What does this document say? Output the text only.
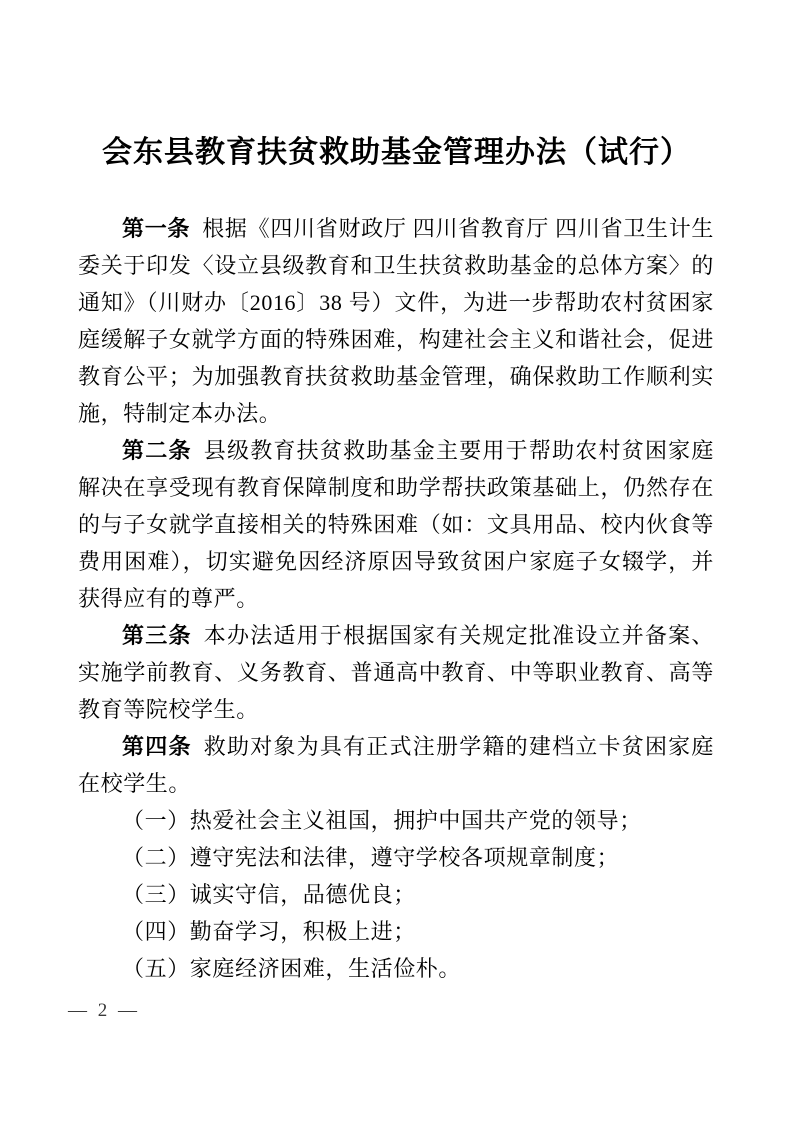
会东县教育扶贫救助基金管理办法（试行）

第一条 根据《四川省财政厅 四川省教育厅 四川省卫生计生委关于印发〈设立县级教育和卫生扶贫救助基金的总体方案〉的通知》（川财办〔2016〕38 号）文件，为进一步帮助农村贫困家庭缓解子女就学方面的特殊困难，构建社会主义和谐社会，促进教育公平；为加强教育扶贫救助基金管理，确保救助工作顺利实施，特制定本办法。

第二条 县级教育扶贫救助基金主要用于帮助农村贫困家庭解决在享受现有教育保障制度和助学帮扶政策基础上，仍然存在的与子女就学直接相关的特殊困难（如：文具用品、校内伙食等费用困难），切实避免因经济原因导致贫困户家庭子女辍学，并获得应有的尊严。

第三条 本办法适用于根据国家有关规定批准设立并备案、实施学前教育、义务教育、普通高中教育、中等职业教育、高等教育等院校学生。

第四条 救助对象为具有正式注册学籍的建档立卡贫困家庭在校学生。

（一）热爱社会主义祖国，拥护中国共产党的领导；

（二）遵守宪法和法律，遵守学校各项规章制度；

（三）诚实守信，品德优良；

（四）勤奋学习，积极上进；

（五）家庭经济困难，生活俭朴。

— 2 —
